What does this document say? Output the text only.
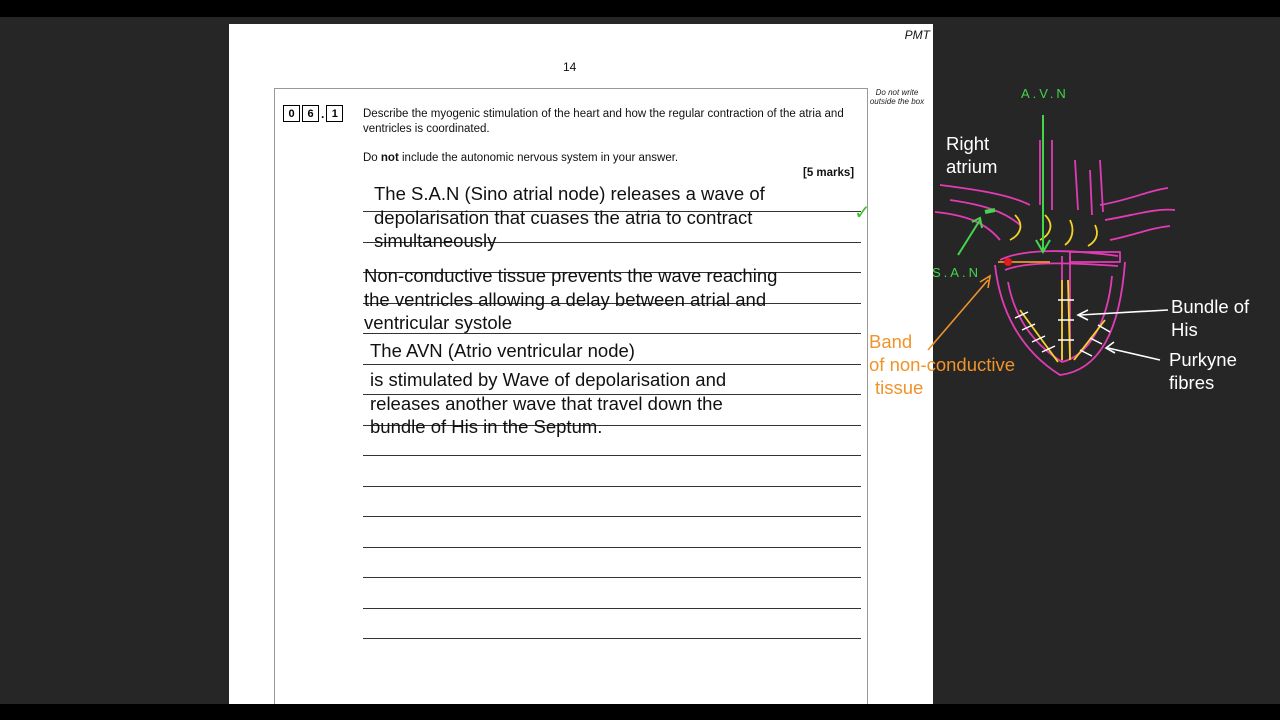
PMT
14
Do not write outside the box
0	6 . 1	Describe the myogenic stimulation of the heart and how the regular contraction of the atria and ventricles is coordinated.
Do not include the autonomic nervous system in your answer.
[5 marks]
The S.A.N (Sino atrial node) releases a wave of
depolarisation that cuases the atria to contract
simultaneously
Non-conductive tissue prevents the wave reaching
the ventricles allowing a delay between atrial and
ventricular systole
The AVN (Atrio ventricular node)
is stimulated by Wave of depolarisation and
releases another wave that travel down the
bundle of His in the Septum.
✓
A.V.N
Right
atrium
S.A.N
Band
of non-conductive
tissue
Bundle of
His
Purkyne
fibres
